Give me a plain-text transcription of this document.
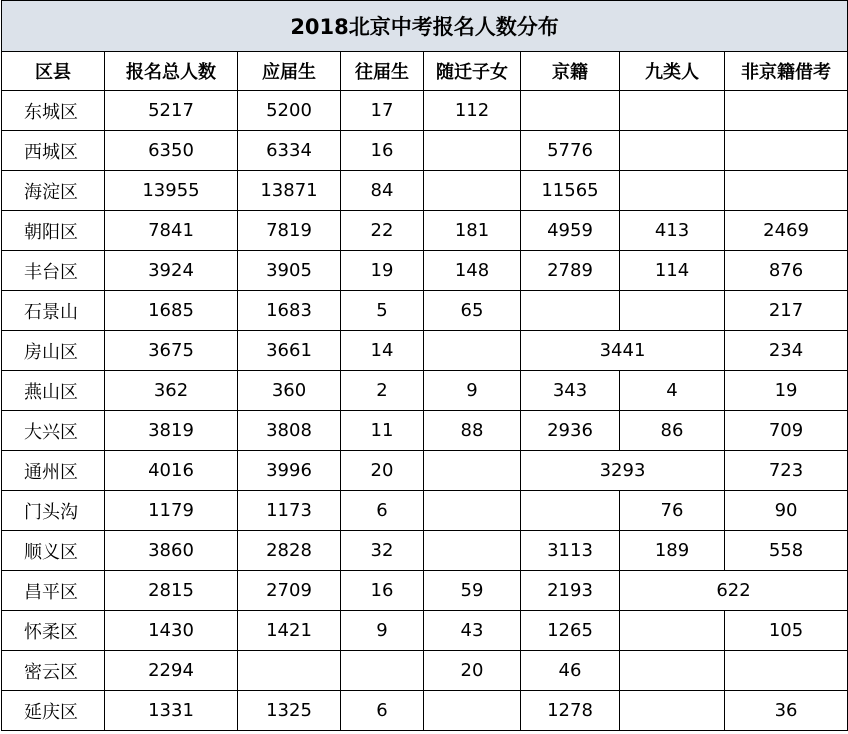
2018北京中考报名人数分布							
区县	报名总人数	应届生	往届生	随迁子女	京籍	九类人	非京籍借考
东城区	5217	5200	17	112			
西城区	6350	6334	16		5776		
海淀区	13955	13871	84		11565		
朝阳区	7841	7819	22	181	4959	413	2469
丰台区	3924	3905	19	148	2789	114	876
石景山	1685	1683	5	65			217
房山区	3675	3661	14		3441		234
燕山区	362	360	2	9	343	4	19
大兴区	3819	3808	11	88	2936	86	709
通州区	4016	3996	20		3293		723
门头沟	1179	1173	6			76	90
顺义区	3860	2828	32		3113	189	558
昌平区	2815	2709	16	59	2193	622	
怀柔区	1430	1421	9	43	1265		105
密云区	2294			20	46		
延庆区	1331	1325	6		1278		36
